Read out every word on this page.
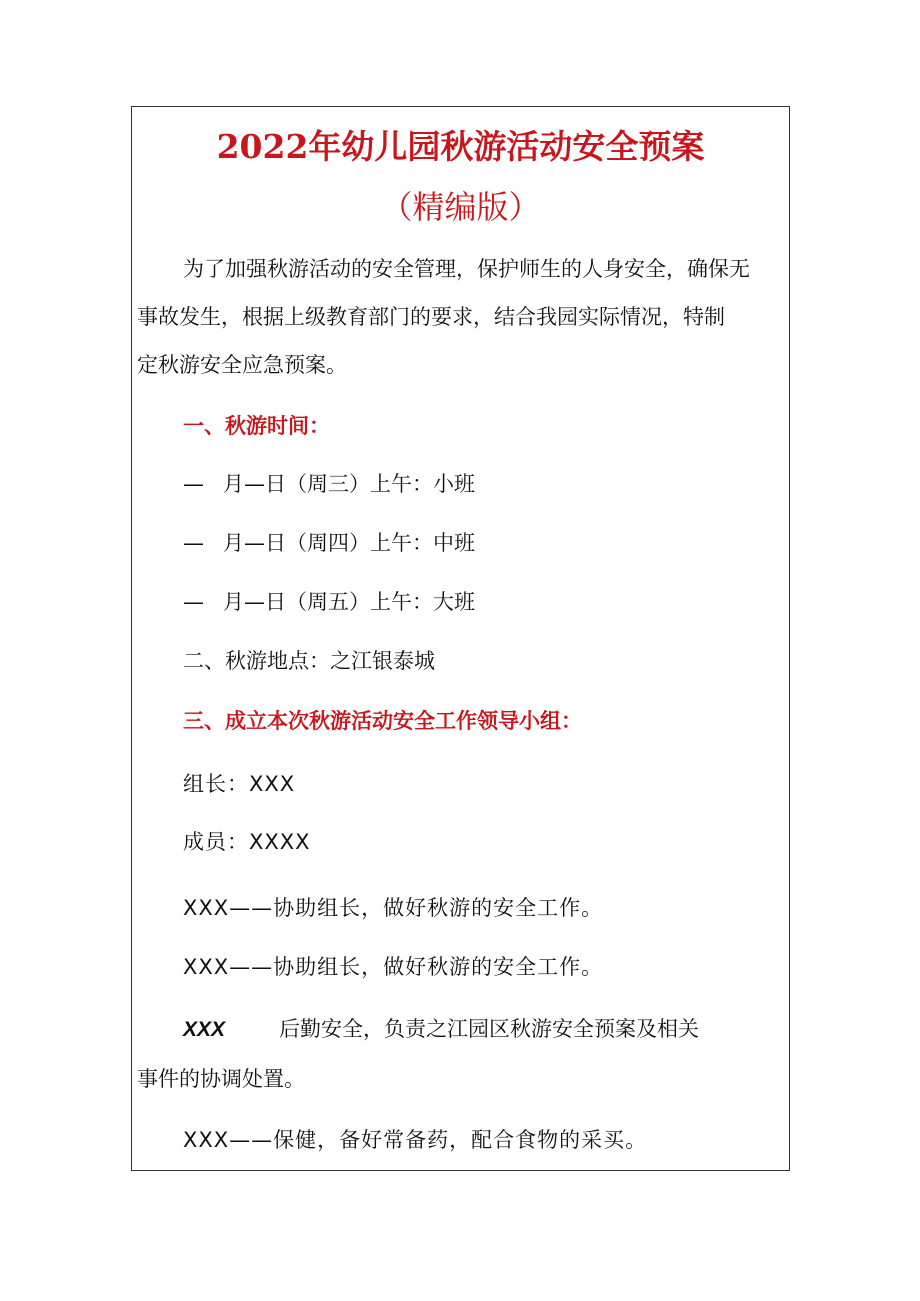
2022年幼儿园秋游活动安全预案
（精编版）
为了加强秋游活动的安全管理，保护师生的人身安全，确保无
事故发生，根据上级教育部门的要求，结合我园实际情况，特制
定秋游安全应急预案。
一、秋游时间：
— 月—日（周三）上午：小班
— 月—日（周四）上午：中班
— 月—日（周五）上午：大班
二、秋游地点：之江银泰城
三、成立本次秋游活动安全工作领导小组：
组长：XXX
成员：XXXX
XXX——协助组长，做好秋游的安全工作。
XXX——协助组长，做好秋游的安全工作。
XXX	后勤安全，负责之江园区秋游安全预案及相关
事件的协调处置。
XXX——保健，备好常备药，配合食物的采买。
